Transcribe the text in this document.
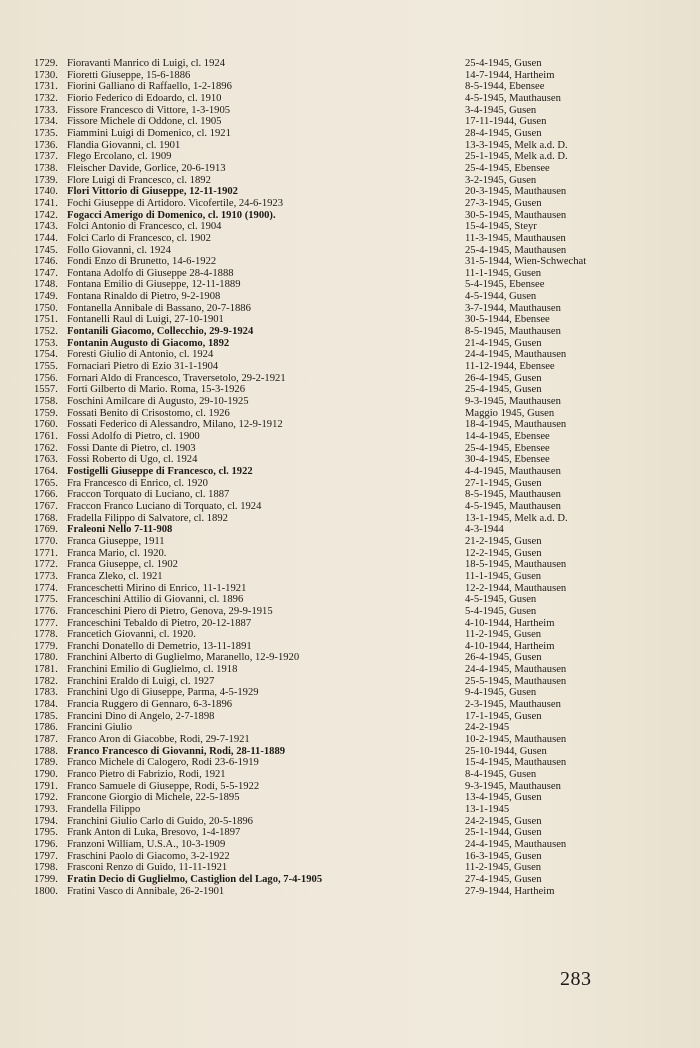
1729. Fioravanti Manrico di Luigi, cl. 1924	25-4-1945, Gusen
1730. Fioretti Giuseppe, 15-6-1886	14-7-1944, Hartheim
1731. Fiorini Galliano di Raffaello, 1-2-1896	8-5-1944, Ebensee
1732. Fiorio Federico di Edoardo, cl. 1910	4-5-1945, Mauthausen
1733. Fissore Francesco di Vittore, 1-3-1905	3-4-1945, Gusen
1734. Fissore Michele di Oddone, cl. 1905	17-11-1944, Gusen
1735. Fiammini Luigi di Domenico, cl. 1921	28-4-1945, Gusen
1736. Flandia Giovanni, cl. 1901	13-3-1945, Melk a.d. D.
1737. Flego Ercolano, cl. 1909	25-1-1945, Melk a.d. D.
1738. Fleischer Davide, Gorlice, 20-6-1913	25-4-1945, Ebensee
1739. Flore Luigi di Francesco, cl. 1892	3-2-1945, Gusen
1740. Flori Vittorio di Giuseppe, 12-11-1902	20-3-1945, Mauthausen
1741. Fochi Giuseppe di Artidoro. Vicofertile, 24-6-1923	27-3-1945, Gusen
1742. Fogacci Amerigo di Domenico, cl. 1910 (1900).	30-5-1945, Mauthausen
1743. Folci Antonio di Francesco, cl. 1904	15-4-1945, Steyr
1744. Folci Carlo di Francesco, cl. 1902	11-3-1945, Mauthausen
1745. Follo Giovanni, cl. 1924	25-4-1945, Mauthausen
1746. Fondi Enzo di Brunetto, 14-6-1922	31-5-1944, Wien-Schwechat
1747. Fontana Adolfo di Giuseppe 28-4-1888	11-1-1945, Gusen
1748. Fontana Emilio di Giuseppe, 12-11-1889	5-4-1945, Ebensee
1749. Fontana Rinaldo di Pietro, 9-2-1908	4-5-1944, Gusen
1750. Fontanella Annibale di Bassano, 20-7-1886	3-7-1944, Mauthausen
1751. Fontanelli Raul di Luigi, 27-10-1901	30-5-1944, Ebensee
1752. Fontanili Giacomo, Collecchio, 29-9-1924	8-5-1945, Mauthausen
1753. Fontanin Augusto di Giacomo, 1892	21-4-1945, Gusen
1754. Foresti Giulio di Antonio, cl. 1924	24-4-1945, Mauthausen
1755. Fornaciari Pietro di Ezio 31-1-1904	11-12-1944, Ebensee
1756. Fornari Aldo di Francesco, Traversetolo, 29-2-1921	26-4-1945, Gusen
1557. Forti Gilberto di Mario. Roma, 15-3-1926	25-4-1945, Gusen
1758. Foschini Amilcare di Augusto, 29-10-1925	9-3-1945, Mauthausen
1759. Fossati Benito di Crisostomo, cl. 1926	Maggio 1945, Gusen
1760. Fossati Federico di Alessandro, Milano, 12-9-1912	18-4-1945, Mauthausen
1761. Fossi Adolfo di Pietro, cl. 1900	14-4-1945, Ebensee
1762. Fossi Dante di Pietro, cl. 1903	25-4-1945, Ebensee
1763. Fossi Roberto di Ugo, cl. 1924	30-4-1945, Ebensee
1764. Fostigelli Giuseppe di Francesco, cl. 1922	4-4-1945, Mauthausen
1765. Fra Francesco di Enrico, cl. 1920	27-1-1945, Gusen
1766. Fraccon Torquato di Luciano, cl. 1887	8-5-1945, Mauthausen
1767. Fraccon Franco Luciano di Torquato, cl. 1924	4-5-1945, Mauthausen
1768. Fradella Filippo di Salvatore, cl. 1892	13-1-1945, Melk a.d. D.
1769. Fraleoni Nello 7-11-908	4-3-1944
1770. Franca Giuseppe, 1911	21-2-1945, Gusen
1771. Franca Mario, cl. 1920.	12-2-1945, Gusen
1772. Franca Giuseppe, cl. 1902	18-5-1945, Mauthausen
1773. Franca Zleko, cl. 1921	11-1-1945, Gusen
1774. Franceschetti Mirino di Enrico, 11-1-1921	12-2-1944, Mauthausen
1775. Franceschini Attilio di Giovanni, cl. 1896	4-5-1945, Gusen
1776. Franceschini Piero di Pietro, Genova, 29-9-1915	5-4-1945, Gusen
1777. Franceschini Tebaldo di Pietro, 20-12-1887	4-10-1944, Hartheim
1778. Francetich Giovanni, cl. 1920.	11-2-1945, Gusen
1779. Franchi Donatello di Demetrio, 13-11-1891	4-10-1944, Hartheim
1780. Franchini Alberto di Guglielmo, Maranello, 12-9-1920	26-4-1945, Gusen
1781. Franchini Emilio di Guglielmo, cl. 1918	24-4-1945, Mauthausen
1782. Franchini Eraldo di Luigi, cl. 1927	25-5-1945, Mauthausen
1783. Franchini Ugo di Giuseppe, Parma, 4-5-1929	9-4-1945, Gusen
1784. Francia Ruggero di Gennaro, 6-3-1896	2-3-1945, Mauthausen
1785. Francini Dino di Angelo, 2-7-1898	17-1-1945, Gusen
1786. Francini Giulio	24-2-1945
1787. Franco Aron di Giacobbe, Rodi, 29-7-1921	10-2-1945, Mauthausen
1788. Franco Francesco di Giovanni, Rodi, 28-11-1889	25-10-1944, Gusen
1789. Franco Michele di Calogero, Rodi 23-6-1919	15-4-1945, Mauthausen
1790. Franco Pietro di Fabrizio, Rodi, 1921	8-4-1945, Gusen
1791. Franco Samuele di Giuseppe, Rodi, 5-5-1922	9-3-1945, Mauthausen
1792. Francone Giorgio di Michele, 22-5-1895	13-4-1945, Gusen
1793. Frandella Filippo	13-1-1945
1794. Franchini Giulio Carlo di Guido, 20-5-1896	24-2-1945, Gusen
1795. Frank Anton di Luka, Bresovo, 1-4-1897	25-1-1944, Gusen
1796. Franzoni William, U.S.A., 10-3-1909	24-4-1945, Mauthausen
1797. Fraschini Paolo di Giacomo, 3-2-1922	16-3-1945, Gusen
1798. Frasconi Renzo di Guido, 11-11-1921	11-2-1945, Gusen
1799. Fratin Decio di Guglielmo, Castiglion del Lago, 7-4-1905	27-4-1945, Gusen
1800. Fratini Vasco di Annibale, 26-2-1901	27-9-1944, Hartheim
283
